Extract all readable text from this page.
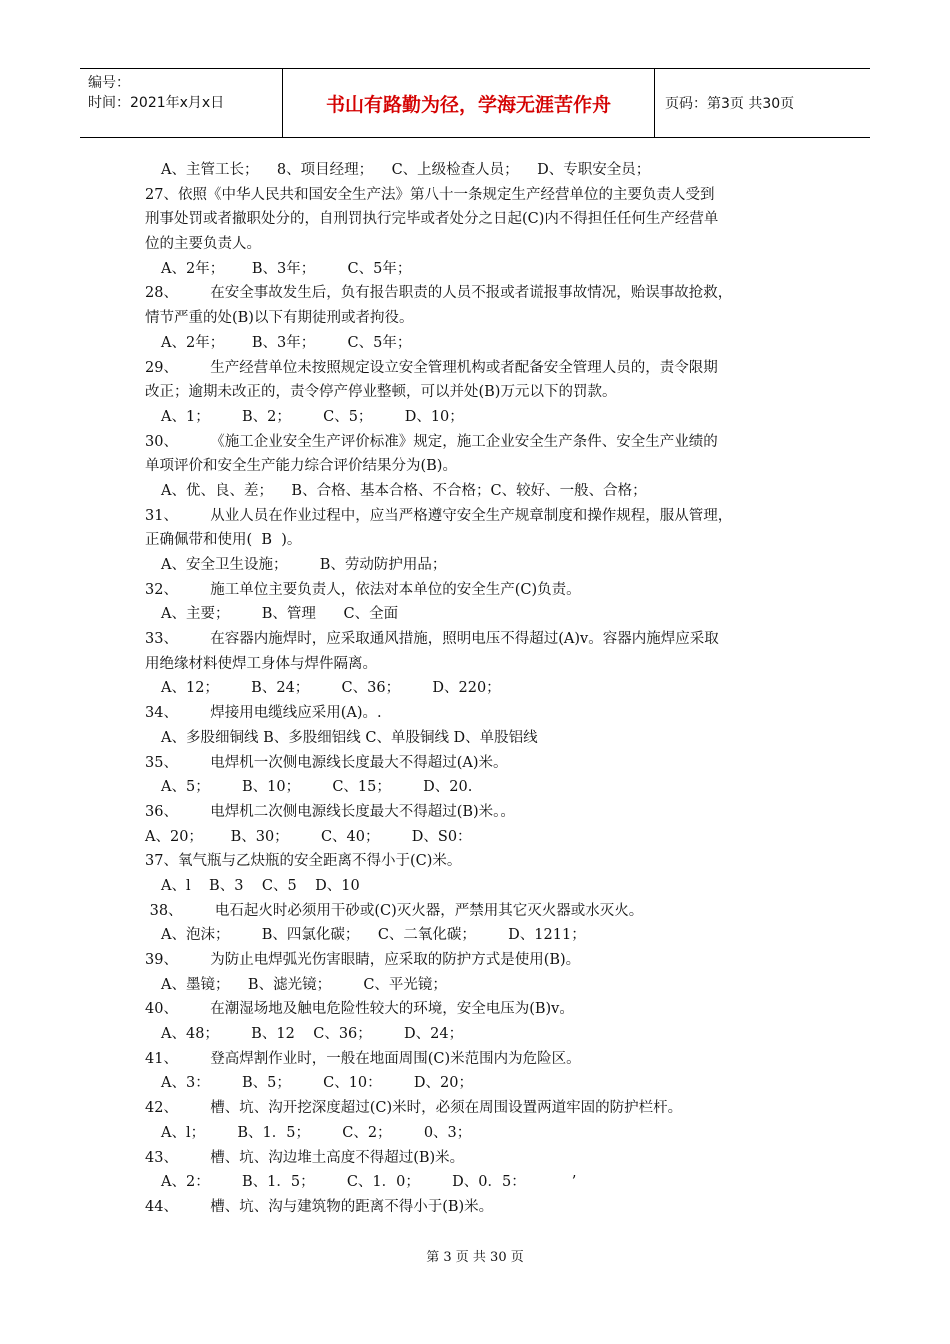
编号：
时间：2021年x月x日	书山有路勤为径，学海无涯苦作舟	页码：第3页 共30页
A、主管工长；    8、项目经理；    C、上级检查人员；    D、专职安全员；
27、依照《中华人民共和国安全生产法》第八十一条规定生产经营单位的主要负责人受到
刑事处罚或者撤职处分的，自刑罚执行完毕或者处分之日起(C)内不得担任任何生产经营单
位的主要负责人。
A、2年；      B、3年；       C、5年；
28、       在安全事故发生后，负有报告职责的人员不报或者谎报事故情况，贻误事故抢救，
情节严重的处(B)以下有期徒刑或者拘役。
A、2年；      B、3年；       C、5年；
29、       生产经营单位未按照规定设立安全管理机构或者配备安全管理人员的，责令限期
改正；逾期未改正的，责令停产停业整顿，可以并处(B)万元以下的罚款。
A、1；       B、2；       C、5；       D、10；
30、       《施工企业安全生产评价标准》规定，施工企业安全生产条件、安全生产业绩的
单项评价和安全生产能力综合评价结果分为(B)。
A、优、良、差；    B、合格、基本合格、不合格；C、较好、一般、合格；
31、       从业人员在作业过程中，应当严格遵守安全生产规章制度和操作规程，服从管理，
正确佩带和使用(  B  )。
A、安全卫生设施；       B、劳动防护用品；
32、       施工单位主要负责人，依法对本单位的安全生产(C)负责。
A、主要；       B、管理      C、全面
33、       在容器内施焊时，应采取通风措施，照明电压不得超过(A)v。容器内施焊应采取
用绝缘材料使焊工身体与焊件隔离。
A、12；       B、24；       C、36；       D、220；
34、       焊接用电缆线应采用(A)。.
A、多股细铜线 B、多股细铝线 C、单股铜线 D、单股铝线
35、       电焊机一次侧电源线长度最大不得超过(A)米。
A、5；       B、10；       C、15；       D、20.
36、       电焊机二次侧电源线长度最大不得超过(B)米。。
A、20；      B、30；       C、40；       D、S0：
37、氧气瓶与乙炔瓶的安全距离不得小于(C)米。
A、l    B、3    C、5    D、10
38、       电石起火时必须用干砂或(C)灭火器，严禁用其它灭火器或水灭火。
A、泡沫；       B、四氯化碳；    C、二氧化碳；       D、1211；
39、       为防止电焊弧光伤害眼睛，应采取的防护方式是使用(B)。
A、墨镜；    B、滤光镜；       C、平光镜；
40、       在潮湿场地及触电危险性较大的环境，安全电压为(B)v。
A、48；       B、12    C、36；       D、24；
41、       登高焊割作业时，一般在地面周围(C)米范围内为危险区。
A、3：       B、5；       C、10：       D、20；
42、       槽、坑、沟开挖深度超过(C)米时，必须在周围设置两道牢固的防护栏杆。
A、l；       B、1．5；       C、2；       0、3；
43、       槽、坑、沟边堆土高度不得超过(B)米。
A、2：       B、1．5；       C、1．0；       D、0．5：          ’
44、       槽、坑、沟与建筑物的距离不得小于(B)米。
第 3 页 共 30 页
